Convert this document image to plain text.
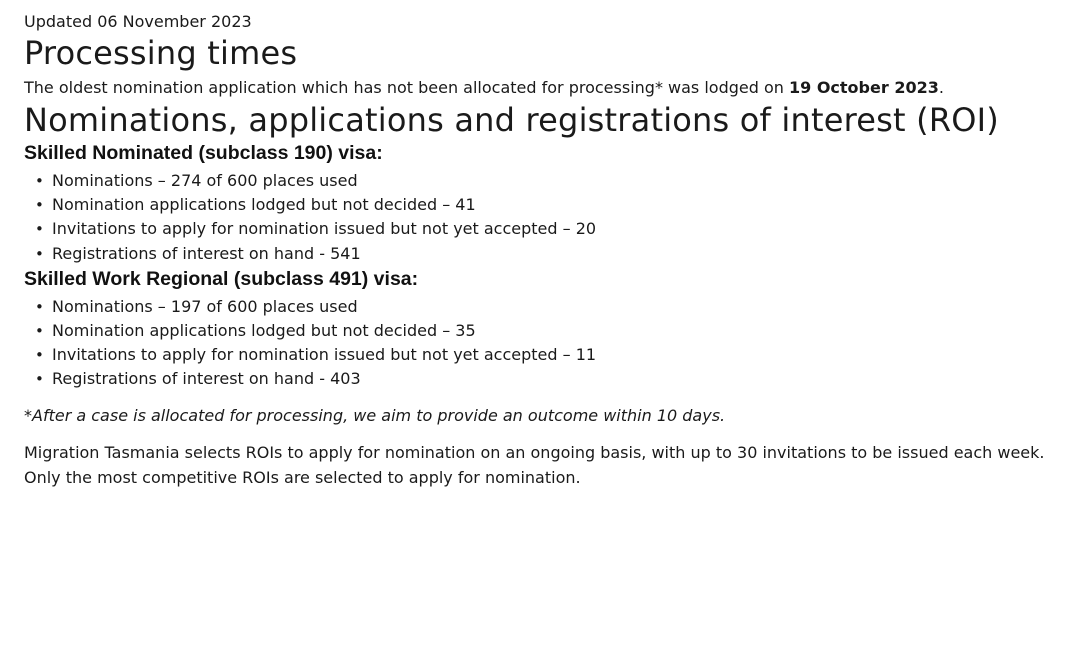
Updated 06 November 2023

Processing times

The oldest nomination application which has not been allocated for processing* was lodged on 19 October 2023.

Nominations, applications and registrations of interest (ROI)
Skilled Nominated (subclass 190) visa:
• Nominations – 274 of 600 places used
• Nomination applications lodged but not decided – 41
• Invitations to apply for nomination issued but not yet accepted – 20
• Registrations of interest on hand - 541
Skilled Work Regional (subclass 491) visa:
• Nominations – 197 of 600 places used
• Nomination applications lodged but not decided – 35
• Invitations to apply for nomination issued but not yet accepted – 11
• Registrations of interest on hand - 403

*After a case is allocated for processing, we aim to provide an outcome within 10 days.

Migration Tasmania selects ROIs to apply for nomination on an ongoing basis, with up to 30 invitations to be issued each week. Only the most competitive ROIs are selected to apply for nomination.
